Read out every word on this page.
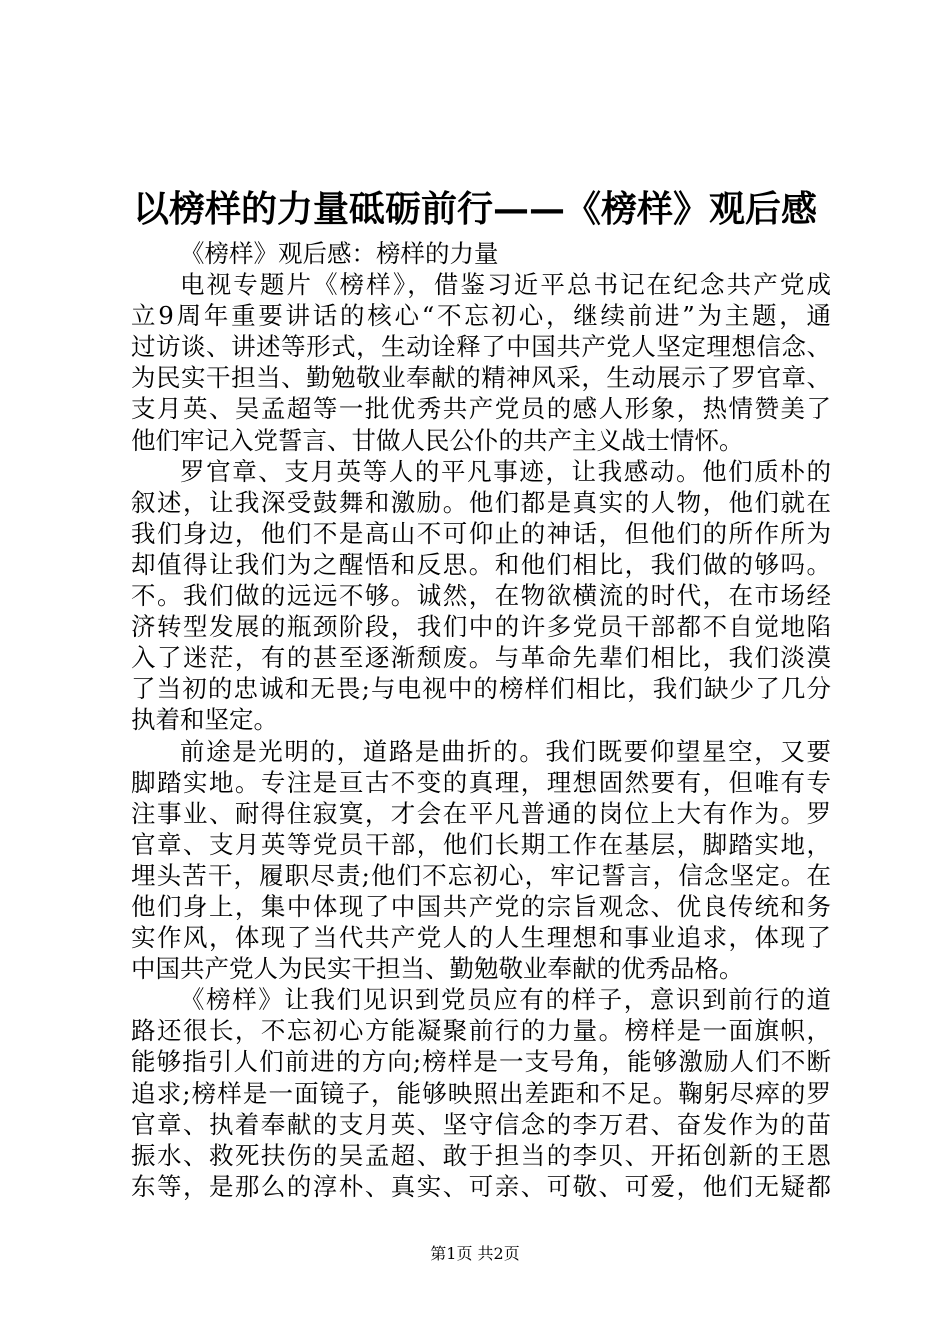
以榜样的力量砥砺前行——《榜样》观后感
《榜样》观后感：榜样的力量
电视专题片《榜样》，借鉴习近平总书记在纪念共产党成
立9周年重要讲话的核心“不忘初心，继续前进”为主题，通
过访谈、讲述等形式，生动诠释了中国共产党人坚定理想信念、
为民实干担当、勤勉敬业奉献的精神风采，生动展示了罗官章、
支月英、吴孟超等一批优秀共产党员的感人形象，热情赞美了
他们牢记入党誓言、甘做人民公仆的共产主义战士情怀。
罗官章、支月英等人的平凡事迹，让我感动。他们质朴的
叙述，让我深受鼓舞和激励。他们都是真实的人物，他们就在
我们身边，他们不是高山不可仰止的神话，但他们的所作所为
却值得让我们为之醒悟和反思。和他们相比，我们做的够吗。
不。我们做的远远不够。诚然，在物欲横流的时代，在市场经
济转型发展的瓶颈阶段，我们中的许多党员干部都不自觉地陷
入了迷茫，有的甚至逐渐颓废。与革命先辈们相比，我们淡漠
了当初的忠诚和无畏;与电视中的榜样们相比，我们缺少了几分
执着和坚定。
前途是光明的，道路是曲折的。我们既要仰望星空，又要
脚踏实地。专注是亘古不变的真理，理想固然要有，但唯有专
注事业、耐得住寂寞，才会在平凡普通的岗位上大有作为。罗
官章、支月英等党员干部，他们长期工作在基层，脚踏实地，
埋头苦干，履职尽责;他们不忘初心，牢记誓言，信念坚定。在
他们身上，集中体现了中国共产党的宗旨观念、优良传统和务
实作风，体现了当代共产党人的人生理想和事业追求，体现了
中国共产党人为民实干担当、勤勉敬业奉献的优秀品格。
《榜样》让我们见识到党员应有的样子，意识到前行的道
路还很长，不忘初心方能凝聚前行的力量。榜样是一面旗帜，
能够指引人们前进的方向;榜样是一支号角，能够激励人们不断
追求;榜样是一面镜子，能够映照出差距和不足。鞠躬尽瘁的罗
官章、执着奉献的支月英、坚守信念的李万君、奋发作为的苗
振水、救死扶伤的吴孟超、敢于担当的李贝、开拓创新的王恩
东等，是那么的淳朴、真实、可亲、可敬、可爱，他们无疑都
第1页 共2页
